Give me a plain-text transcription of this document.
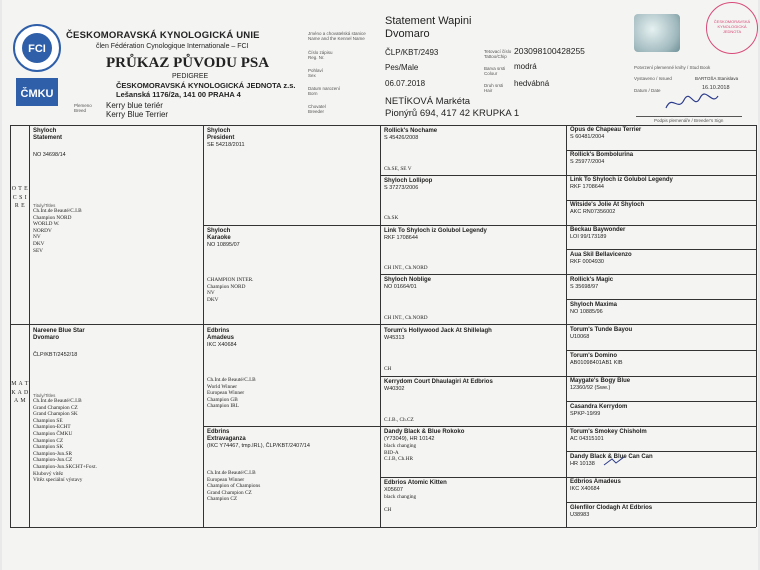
FCI
ČMKU
ČESKOMORAVSKÁ KYNOLOGICKÁ UNIE
člen Fédération Cynologique Internationale – FCI
PRŮKAZ PŮVODU PSA
PEDIGREE
ČESKOMORAVSKÁ KYNOLOGICKÁ JEDNOTA z.s.
Lešanská 1176/2a, 141 00 PRAHA 4
Plemeno
Breed
Kerry blue teriér
Kerry Blue Terrier
Jméno a chovatelská stanice
Name and the Kennel Name
Číslo zápisu
Reg. Nr.
Pohlaví
Sex
Datum narození
Born
Chovatel
Breeder
Statement Wapini
Dvomaro
ČLP/KBT/2493
Pes/Male
06.07.2018
NETÍKOVÁ Markéta
Pionýrů 694, 417 42 KRUPKA 1
Tetovací číslo
Tattoo/Chip
Barva srsti
Colour
Druh srsti
Hair
203098100428255
modrá
hedvábná
ČESKOMORAVSKÁ KYNOLOGICKÁ JEDNOTA
Potvrzení plemenné knihy / Stud Book
Vystaveno / Issued	BARTOŠA Stanislava
Datum / Date	16.10.2018
Podpis plemenáře / Breeder's Sign
O T E C S I R E
M A T K A D A M
Shyloch
Statement
NO 34698/14
Tituly/Titles
Ch.Int.de Beauté/C.I.B
Champion NORD
WORLD W.
NORDV
NV
DKV
SEV
Nareene Blue Star
Dvomaro
ČLP/KBT/2452/18
Tituly/Titles
Ch.Int.de Beauté/C.I.B
Grand Champion CZ
Grand Champion SK
Champion SE
Champion-ECHT
Champion ČMKU
Champion CZ
Champion SK
Champion-Jun.SR
Champion-Jun.CZ
Champion-Jun.SKCHT+Foxt.
Klubový vítěz
Vítěz speciální výstavy
Shyloch
President
SE 54218/2011
Shyloch
Karaoke
NO 10895/07
CHAMPION INTER.
Champion NORD
NV
DKV
Edbrins
Amadeus
IKC X40684
Ch.Int.de Beauté/C.I.B
World Winner
European Winner
Champion GB
Champion IRL
Edbrins
Extravaganza
(IKC Y74467, tmp.IRL), ČLP/KBT/2407/14
Ch.Int.de Beauté/C.I.B
European Winner
Champion of Champions
Grand Champion CZ
Champion CZ
Rollick's Nochame
S 45426/2008
Ch.SE, SE V
Shyloch Lollipop
S 37273/2006
Ch.SK
Link To Shyloch iz Golubol Legendy
RKF 1708644
CH INT., Ch.NORD
Shyloch Noblige
NO 01664/01
CH INT., Ch.NORD
Torum's Hollywood Jack At Shillelagh
W45313
CH
Kerrydom Court Dhaulagiri At Edbrios
W40302
C.I.B., Ch.CZ
Dandy Black & Blue Rokoko
(Y73049), HR 10142
black changing
BID-A
C.I.B, Ch.HR
Edbrios Atomic Kitten
X05607
black changing

CH
Opus de Chapeau Terrier
S 60481/2004
Rollick's Bombolurina
S 25977/2004
Link To Shyloch iz Golubol Legendy
RKF 1708644
Witside's Jolie At Shyloch
AKC RN07356002
Beckau Baywonder
LOI 99/173189
Aua Skil Bellavicenzo
RKF 0004930
Rollick's Magic
S 35698/97
Shyloch Maxima
NO 10885/96
Torum's Tunde Bayou
U10068
Torum's Domino
AB01098401AB1 KIB
Maygate's Bogy Blue
12360/92 (Swe.)
Casandra Kerrydom
SPKP-19/99
Torum's Smokey Chisholm
AC 04315101
Dandy Black & Blue Can Can
HR 10138
Edbrios Amadeus
IKC X40684
Glenfilor Clodagh At Edbrios
U38983
